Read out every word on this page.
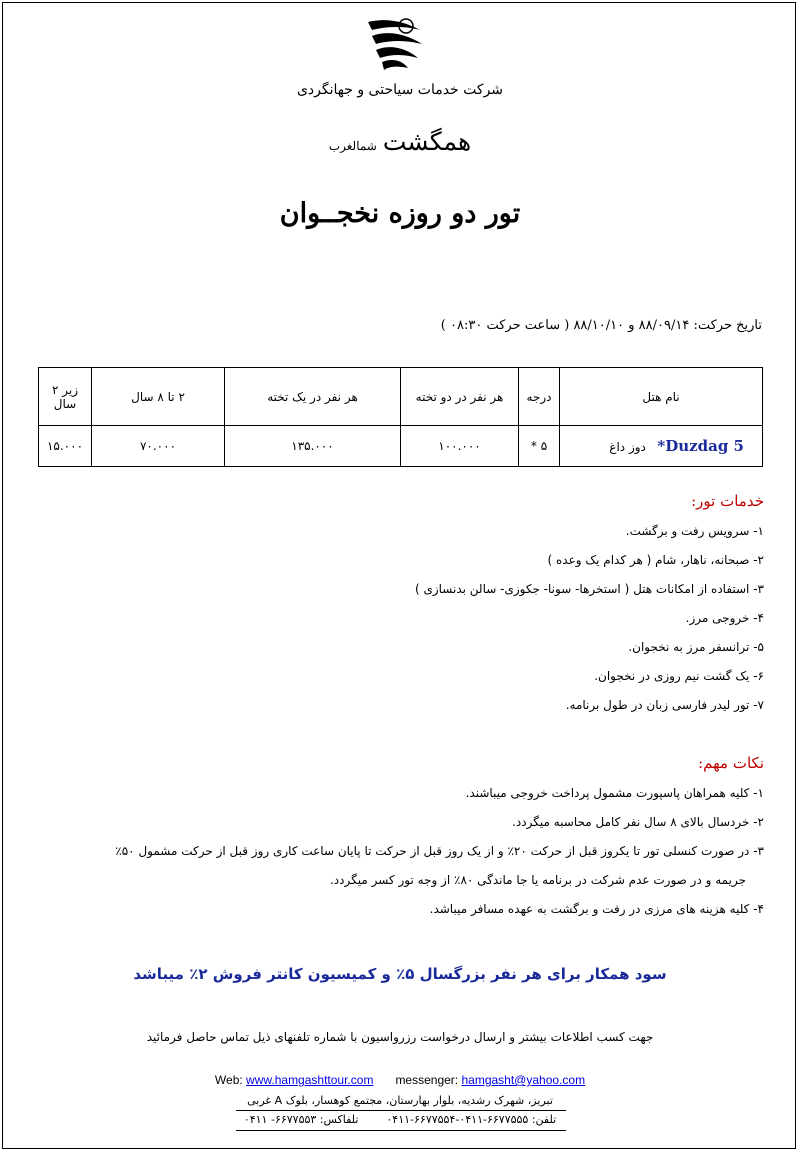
شرکت خدمات سیاحتی و جهانگردی
همگشت
شمالغرب
تور دو روزه نخجــوان
تاریخ حرکت: ۸۸/۰۹/۱۴ و ۸۸/۱۰/۱۰ ( ساعت حرکت ۰۸:۳۰ )
نام هتل	درجه	هر نفر در دو تخته	هر نفر در یک تخته	۲ تا ۸ سال	زیر ۲ سال
Duzdag 5*   دوز داغ	۵ *	۱۰۰.۰۰۰	۱۳۵.۰۰۰	۷۰.۰۰۰	۱۵.۰۰۰
خدمات تور:
۱- سرویس رفت و برگشت.
۲- صبحانه، ناهار، شام ( هر کدام یک وعده )
۳- استفاده از امکانات هتل ( استخرها- سونا- جکوزی- سالن بدنسازی )
۴- خروجی مرز.
۵- ترانسفر مرز به نخجوان.
۶- یک گشت نیم روزی در نخجوان.
۷- تور لیدر فارسی زبان در طول برنامه.
نکات مهم:
۱- کلیه همراهان پاسپورت مشمول پرداخت خروجی میباشند.
۲- خردسال بالای ۸ سال نفر کامل محاسبه میگردد.
۳- در صورت کنسلی تور تا یکروز قبل از حرکت ۲۰٪ و از یک روز قبل از حرکت تا پایان ساعت کاری روز قبل از حرکت مشمول ۵۰٪
جریمه و در صورت عدم شرکت در برنامه یا جا ماندگی ۸۰٪ از وجه تور کسر میگردد.
۴- کلیه هزینه های مرزی در رفت و برگشت به عهده مسافر میباشد.
سود همکار برای هر نفر بزرگسال ۵٪ و کمیسیون کانتر فروش ۲٪ میباشد
جهت کسب اطلاعات بیشتر و ارسال درخواست رزرواسیون با شماره تلفنهای ذیل تماس حاصل فرمائید
Web: www.hamgashttour.com messenger: hamgasht@yahoo.com
تبریز، شهرک رشدیه، بلوار بهارستان، مجتمع کوهسار، بلوک A غربی
تلفن: ۶۶۷۷۵۵۵-۰۴۱۱-۶۶۷۷۵۵۴-۰۴۱۱
تلفاکس: ۶۶۷۷۵۵۳- ۰۴۱۱
